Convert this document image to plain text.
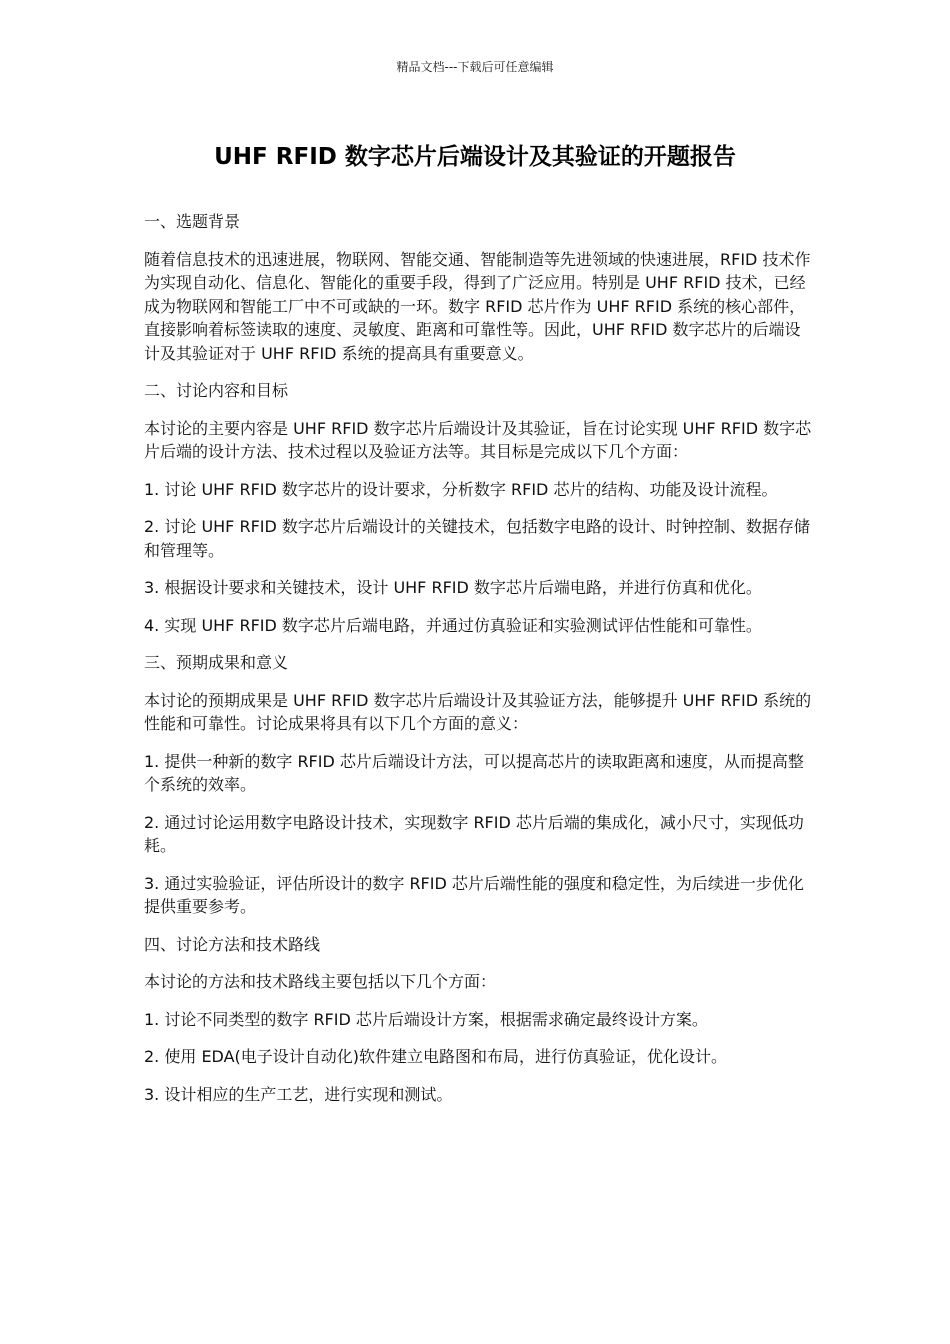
精品文档---下载后可任意编辑
UHF RFID 数字芯片后端设计及其验证的开题报告

一、选题背景

随着信息技术的迅速进展，物联网、智能交通、智能制造等先进领域的快速进展，RFID 技术作为实现自动化、信息化、智能化的重要手段，得到了广泛应用。特别是 UHF RFID 技术，已经成为物联网和智能工厂中不可或缺的一环。数字 RFID 芯片作为 UHF RFID 系统的核心部件，直接影响着标签读取的速度、灵敏度、距离和可靠性等。因此，UHF RFID 数字芯片的后端设计及其验证对于 UHF RFID 系统的提高具有重要意义。

二、讨论内容和目标

本讨论的主要内容是 UHF RFID 数字芯片后端设计及其验证，旨在讨论实现 UHF RFID 数字芯片后端的设计方法、技术过程以及验证方法等。其目标是完成以下几个方面：

1. 讨论 UHF RFID 数字芯片的设计要求，分析数字 RFID 芯片的结构、功能及设计流程。

2. 讨论 UHF RFID 数字芯片后端设计的关键技术，包括数字电路的设计、时钟控制、数据存储和管理等。

3. 根据设计要求和关键技术，设计 UHF RFID 数字芯片后端电路，并进行仿真和优化。

4. 实现 UHF RFID 数字芯片后端电路，并通过仿真验证和实验测试评估性能和可靠性。

三、预期成果和意义

本讨论的预期成果是 UHF RFID 数字芯片后端设计及其验证方法，能够提升 UHF RFID 系统的性能和可靠性。讨论成果将具有以下几个方面的意义：

1. 提供一种新的数字 RFID 芯片后端设计方法，可以提高芯片的读取距离和速度，从而提高整个系统的效率。

2. 通过讨论运用数字电路设计技术，实现数字 RFID 芯片后端的集成化，减小尺寸，实现低功耗。

3. 通过实验验证，评估所设计的数字 RFID 芯片后端性能的强度和稳定性，为后续进一步优化提供重要参考。

四、讨论方法和技术路线

本讨论的方法和技术路线主要包括以下几个方面：

1. 讨论不同类型的数字 RFID 芯片后端设计方案，根据需求确定最终设计方案。

2. 使用 EDA(电子设计自动化)软件建立电路图和布局，进行仿真验证，优化设计。

3. 设计相应的生产工艺，进行实现和测试。
